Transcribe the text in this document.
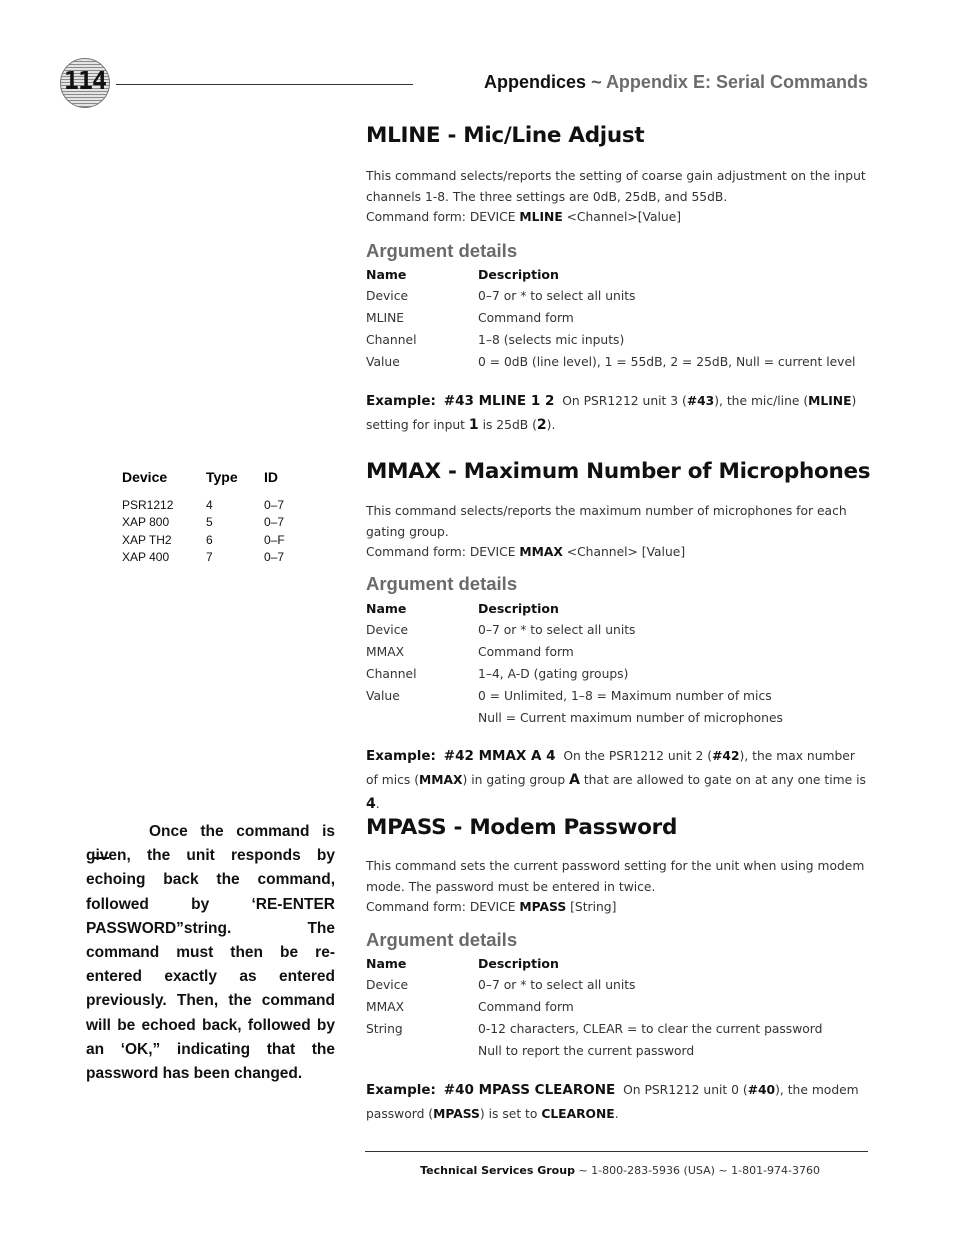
114	Appendices ~ Appendix E: Serial Commands
MLINE - Mic/Line Adjust

This command selects/reports the setting of coarse gain adjustment on the input channels 1-8. The three settings are 0dB, 25dB, and 55dB.

Command form: DEVICE MLINE <Channel>[Value]

Argument details
Name	Description
Device	0–7 or * to select all units
MLINE	Command form
Channel	1–8 (selects mic inputs)
Value	0 = 0dB (line level), 1 = 55dB, 2 = 25dB, Null = current level

Example: #43 MLINE 1 2 On PSR1212 unit 3 (#43), the mic/line (MLINE) setting for input 1 is 25dB (2).

MMAX - Maximum Number of Microphones

This command selects/reports the maximum number of microphones for each gating group.

Command form: DEVICE MMAX <Channel> [Value]

Argument details
Name	Description
Device	0–7 or * to select all units
MMAX	Command form
Channel	1–4, A-D (gating groups)
Value	0 = Unlimited, 1–8 = Maximum number of mics
	Null = Current maximum number of microphones

Example: #42 MMAX A 4 On the PSR1212 unit 2 (#42), the max number of mics (MMAX) in gating group A that are allowed to gate on at any one time is 4.

MPASS - Modem Password

This command sets the current password setting for the unit when using modem mode. The password must be entered in twice.

Command form: DEVICE MPASS [String]

Argument details
Name	Description
Device	0–7 or * to select all units
MMAX	Command form
String	0-12 characters, CLEAR = to clear the current password
	Null to report the current password

Example: #40 MPASS CLEARONE On PSR1212 unit 0 (#40), the modem password (MPASS) is set to CLEARONE.

Device	Type	ID
PSR1212	4	0–7
XAP 800	5	0–7
XAP TH2	6	0–F
XAP 400	7	0–7

Once the command is given, the unit responds by echoing back the command, followed by ‘RE-ENTER PASSWORD”string. The command must then be re-entered exactly as entered previously. Then, the command will be echoed back, followed by an ‘OK,” indicating that the password has been changed.

Technical Services Group ~ 1-800-283-5936 (USA) ~ 1-801-974-3760
